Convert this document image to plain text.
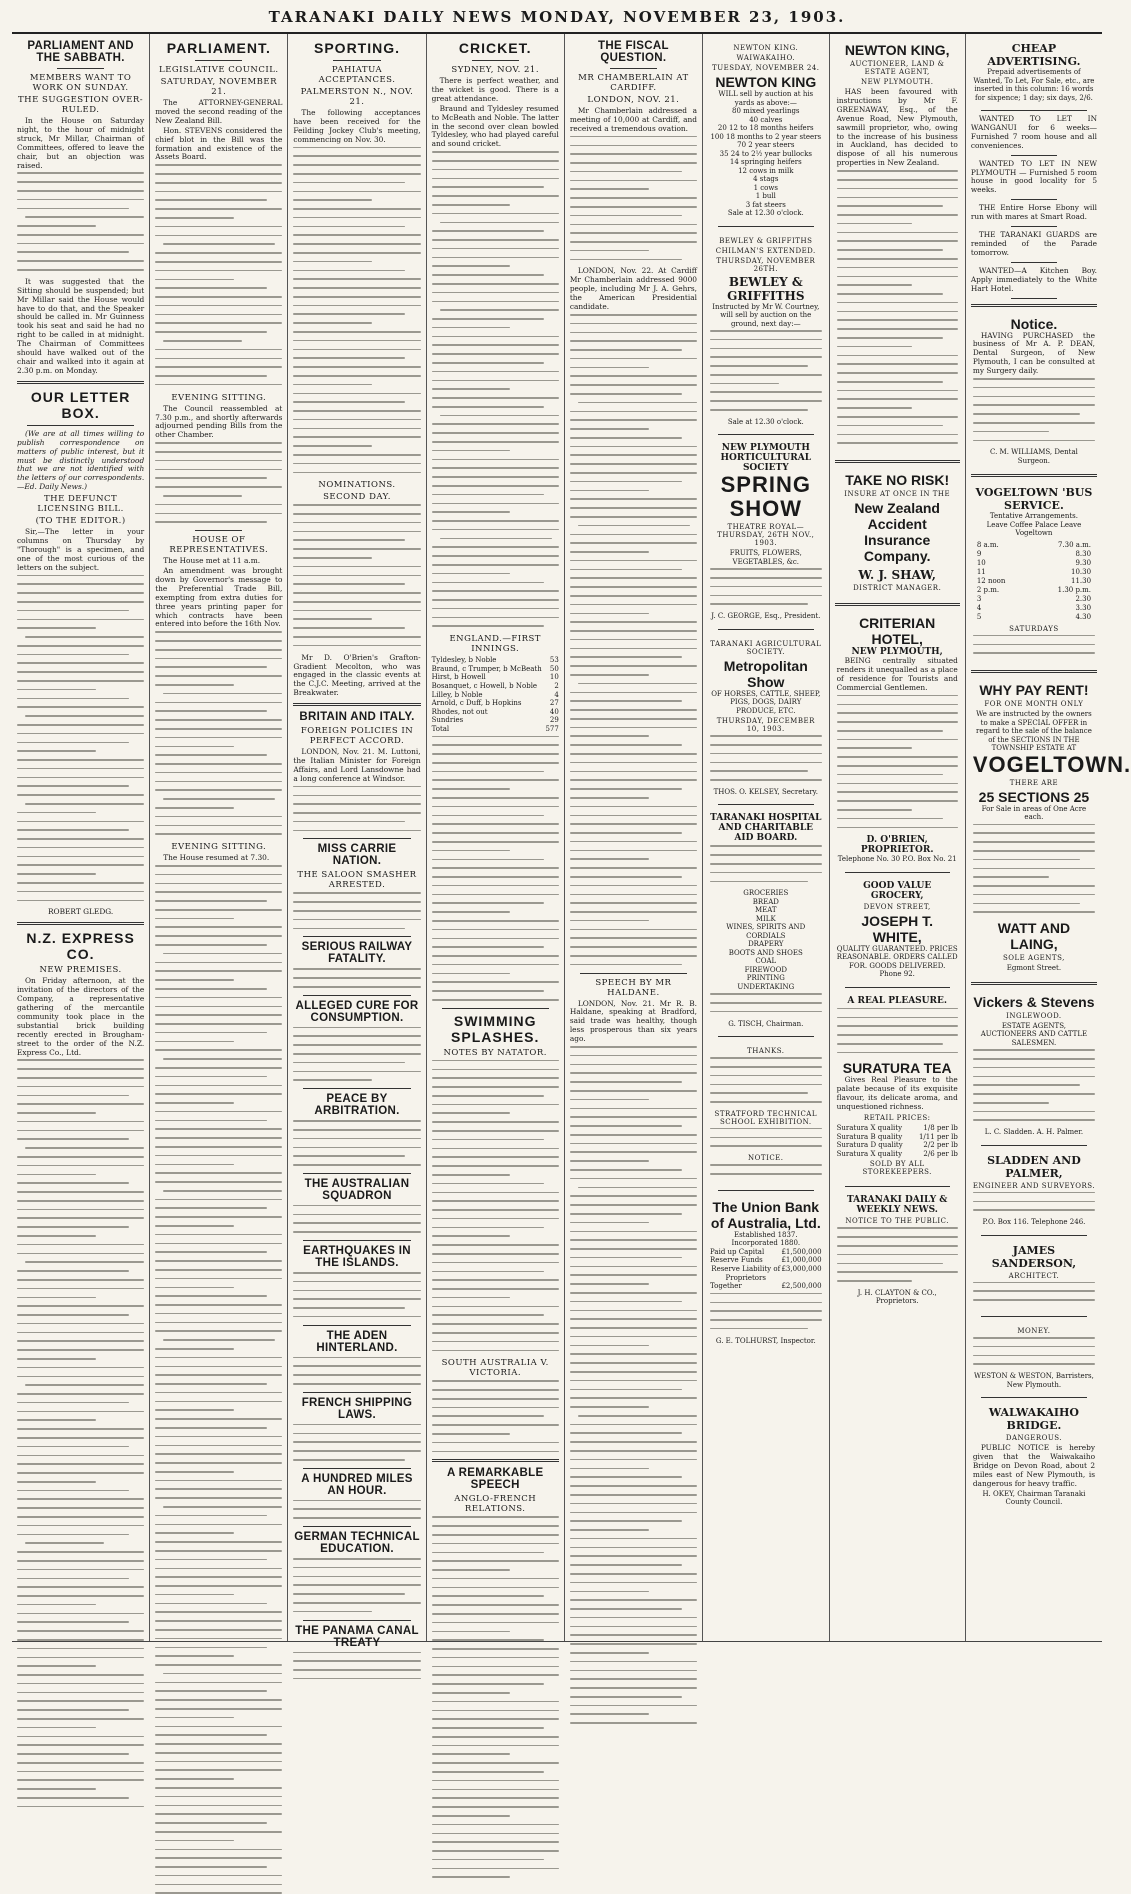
TARANAKI DAILY NEWS MONDAY, NOVEMBER 23, 1903.
PARLIAMENT AND THE SABBATH.
MEMBERS WANT TO WORK ON SUNDAY.
THE SUGGESTION OVER-RULED.

In the House on Saturday night, to the hour of midnight struck, Mr Millar, Chairman of Committees, offered to leave the chair, but an objection was raised.

It was suggested that the Sitting should be suspended; but Mr Millar said the House would have to do that, and the Speaker should be called in. Mr Guinness took his seat and said he had no right to be called in at midnight. The Chairman of Committees should have walked out of the chair and walked into it again at 2.30 p.m. on Monday.

OUR LETTER BOX.

(We are at all times willing to publish correspondence on matters of public interest, but it must be distinctly understood that we are not identified with the letters of our correspondents.—Ed. Daily News.)

THE DEFUNCT LICENSING BILL.
(TO THE EDITOR.)

Sir,—The letter in your columns on Thursday by "Thorough" is a specimen, and one of the most curious of the letters on the subject.

ROBERT GLEDG.

N.Z. EXPRESS CO.
NEW PREMISES.

On Friday afternoon, at the invitation of the directors of the Company, a representative gathering of the mercantile community took place in the substantial brick building recently erected in Brougham-street to the order of the N.Z. Express Co., Ltd.

PARLIAMENT.
LEGISLATIVE COUNCIL.
SATURDAY, NOVEMBER 21.

The ATTORNEY-GENERAL moved the second reading of the New Zealand Bill.

Hon. STEVENS considered the chief blot in the Bill was the formation and existence of the Assets Board.

EVENING SITTING.

The Council reassembled at 7.30 p.m., and shortly afterwards adjourned pending Bills from the other Chamber.

HOUSE OF REPRESENTATIVES.

The House met at 11 a.m.

An amendment was brought down by Governor's message to the Preferential Trade Bill, exempting from extra duties for three years printing paper for which contracts have been entered into before the 16th Nov.

EVENING SITTING.

The House resumed at 7.30.

SPORTING.
PAHIATUA ACCEPTANCES.
PALMERSTON N., NOV. 21.

The following acceptances have been received for the Feilding Jockey Club's meeting, commencing on Nov. 30.

NOMINATIONS.
SECOND DAY.

Mr D. O'Brien's Grafton-Gradient Mecolton, who was engaged in the classic events at the C.J.C. Meeting, arrived at the Breakwater.

BRITAIN AND ITALY.
FOREIGN POLICIES IN PERFECT ACCORD.

LONDON, Nov. 21. M. Luttoni, the Italian Minister for Foreign Affairs, and Lord Lansdowne had a long conference at Windsor.

MISS CARRIE NATION.
THE SALOON SMASHER ARRESTED.
SERIOUS RAILWAY FATALITY.
ALLEGED CURE FOR CONSUMPTION.
PEACE BY ARBITRATION.
THE AUSTRALIAN SQUADRON
EARTHQUAKES IN THE ISLANDS.
THE ADEN HINTERLAND.
FRENCH SHIPPING LAWS.
A HUNDRED MILES AN HOUR.
GERMAN TECHNICAL EDUCATION.
THE PANAMA CANAL TREATY
CRICKET.
SYDNEY, NOV. 21.

There is perfect weather, and the wicket is good. There is a great attendance.

Braund and Tyldesley resumed to McBeath and Noble. The latter in the second over clean bowled Tyldesley, who had played careful and sound cricket.

ENGLAND.—FIRST INNINGS.
Tyldesley, b Noble	53
Braund, c Trumper, b McBeath 50
Hirst, b Howell	10
Bosanquet, c Howell, b Noble 2
Lilley, b Noble	4
Arnold, c Duff, b Hopkins	27
Rhodes, not out	40
Sundries	29
Total	577
SWIMMING SPLASHES.
NOTES BY NATATOR.
SOUTH AUSTRALIA V. VICTORIA.
A REMARKABLE SPEECH
ANGLO-FRENCH RELATIONS.
THE FISCAL QUESTION.
MR CHAMBERLAIN AT CARDIFF.
LONDON, NOV. 21.

Mr Chamberlain addressed a meeting of 10,000 at Cardiff, and received a tremendous ovation.

LONDON, Nov. 22. At Cardiff Mr Chamberlain addressed 9000 people, including Mr J. A. Gehrs, the American Presidential candidate.

SPEECH BY MR HALDANE.

LONDON, Nov. 21. Mr R. B. Haldane, speaking at Bradford, said trade was healthy, though less prosperous than six years ago.

NEWTON KING.
WAIWAKAIHO.
TUESDAY, NOVEMBER 24.
NEWTON KING
WILL sell by auction at his yards as above:—
80 mixed yearlings
40 calves
20 12 to 18 months heifers
100 18 months to 2 year steers
70 2 year steers
35 24 to 2½ year bullocks
14 springing heifers
12 cows in milk
4 stags
1 cows
1 bull
3 fat steers
Sale at 12.30 o'clock.
BEWLEY & GRIFFITHS
CHILMAN'S EXTENDED.
THURSDAY, NOVEMBER 26TH.
BEWLEY & GRIFFITHS
Instructed by Mr W. Courtney, will sell by auction on the ground, next day:—
Sale at 12.30 o'clock.
NEW PLYMOUTH HORTICULTURAL SOCIETY
SPRING SHOW
THEATRE ROYAL—THURSDAY, 26TH NOV., 1903.
FRUITS, FLOWERS, VEGETABLES, &c.
J. C. GEORGE, Esq., President.
TARANAKI AGRICULTURAL SOCIETY.
Metropolitan Show
OF HORSES, CATTLE, SHEEP, PIGS, DOGS, DAIRY PRODUCE, ETC.
THURSDAY, DECEMBER 10, 1903.
THOS. O. KELSEY, Secretary.
TARANAKI HOSPITAL AND CHARITABLE AID BOARD.
GROCERIES
BREAD
MEAT
MILK
WINES, SPIRITS AND CORDIALS
DRAPERY
BOOTS AND SHOES
COAL
FIREWOOD
PRINTING
UNDERTAKING
G. TISCH, Chairman.
THANKS.
STRATFORD TECHNICAL SCHOOL EXHIBITION.
NOTICE.
The Union Bank of Australia, Ltd.
Established 1837. Incorporated 1880.
Paid up Capital £1,500,000
Reserve Funds	£1,000,000
Reserve Liability of Proprietors
£3,000,000
Together	£2,500,000
G. E. TOLHURST, Inspector.
NEWTON KING,
AUCTIONEER, LAND & ESTATE AGENT,
NEW PLYMOUTH.

HAS been favoured with instructions by Mr F. GREENAWAY, Esq., of the Avenue Road, New Plymouth, sawmill proprietor, who, owing to the increase of his business in Auckland, has decided to dispose of all his numerous properties in New Zealand.

TAKE NO RISK!
INSURE AT ONCE IN THE
New Zealand Accident Insurance Company.
W. J. SHAW,
DISTRICT MANAGER.
CRITERIAN HOTEL,
NEW PLYMOUTH,

BEING centrally situated renders it unequalled as a place of residence for Tourists and Commercial Gentlemen.

D. O'BRIEN, PROPRIETOR.
Telephone No. 30 P.O. Box No. 21
GOOD VALUE GROCERY,
DEVON STREET,
JOSEPH T. WHITE,
QUALITY GUARANTEED. PRICES REASONABLE. ORDERS CALLED FOR. GOODS DELIVERED.
Phone 92.
A REAL PLEASURE.
SURATURA TEA

Gives Real Pleasure to the palate because of its exquisite flavour, its delicate aroma, and unquestioned richness.

RETAIL PRICES:
Suratura X quality	1/8 per lb
Suratura B quality 1/11 per lb
Suratura D quality	2/2 per lb
Suratura X quality	2/6 per lb
SOLD BY ALL STOREKEEPERS.
TARANAKI DAILY & WEEKLY NEWS.
NOTICE TO THE PUBLIC.
J. H. CLAYTON & CO., Proprietors.
CHEAP ADVERTISING.
Prepaid advertisements of Wanted, To Let, For Sale, etc., are inserted in this column: 16 words for sixpence; 1 day; six days, 2/6.

WANTED TO LET IN WANGANUI for 6 weeks—Furnished 7 room house and all conveniences.

WANTED TO LET IN NEW PLYMOUTH — Furnished 5 room house in good locality for 5 weeks.

THE Entire Horse Ebony will run with mares at Smart Road.

THE TARANAKI GUARDS are reminded of the Parade tomorrow.

WANTED—A Kitchen Boy. Apply immediately to the White Hart Hotel.

Notice.

HAVING PURCHASED the business of Mr A. P. DEAN, Dental Surgeon, of New Plymouth, I can be consulted at my Surgery daily.

C. M. WILLIAMS, Dental Surgeon.
VOGELTOWN 'BUS SERVICE.
Tentative Arrangements.
Leave Coffee Palace Leave Vogeltown
8 a.m.	7.30 a.m.
9	8.30
10	9.30
11	10.30
12 noon	11.30
2 p.m.	1.30 p.m.
3	2.30
4	3.30
5	4.30
SATURDAYS
WHY PAY RENT!
FOR ONE MONTH ONLY
We are instructed by the owners to make a SPECIAL OFFER in regard to the sale of the balance of the SECTIONS IN THE TOWNSHIP ESTATE AT
VOGELTOWN.
THERE ARE
25 SECTIONS 25
For Sale in areas of One Acre each.
WATT AND LAING,
SOLE AGENTS,
Egmont Street.
Vickers & Stevens
INGLEWOOD.
ESTATE AGENTS, AUCTIONEERS AND CATTLE SALESMEN.
L. C. Sladden. A. H. Palmer.
SLADDEN AND PALMER,
ENGINEER AND SURVEYORS.
P.O. Box 116. Telephone 246.
JAMES SANDERSON,
ARCHITECT.
MONEY.
WESTON & WESTON, Barristers, New Plymouth.
WALWAKAIHO BRIDGE.
DANGEROUS.

PUBLIC NOTICE is hereby given that the Waiwakaiho Bridge on Devon Road, about 2 miles east of New Plymouth, is dangerous for heavy traffic.

H. OKEY, Chairman Taranaki County Council.
